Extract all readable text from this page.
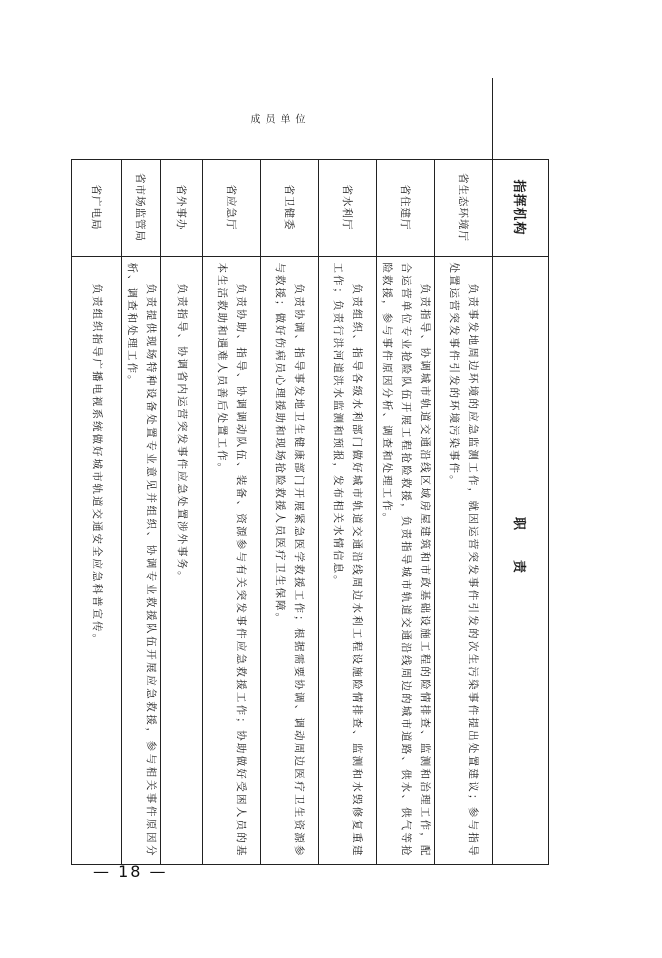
	指挥机构	职责
成员单位	省生态环境厅	负责事发地周边环境的应急监测工作，就因运营突发事件引发的次生污染事件提出处置建议；参与指导处置运营突发事件引发的环境污染事件。
	省住建厅	负责指导、协调城市轨道交通沿线区域房屋建筑和市政基础设施工程的险情排查、监测和治理工作，配合运营单位专业抢险队伍开展工程抢险救援，负责指导城市轨道交通沿线周边的城市道路、供水、供气等抢险救援，参与事件原因分析、调查和处理工作。
	省水利厅	负责组织、指导各级水利部门做好城市轨道交通沿线周边水利工程设施险情排查、监测和水毁修复重建工作；负责行洪河道洪水监测和预报，发布相关水情信息。
	省卫健委	负责协调、指导事发地卫生健康部门开展紧急医学救援工作；根据需要协调、调动周边医疗卫生资源参与救援；做好伤病员心理援助和现场抢险救援人员医疗卫生保障。
	省应急厅	负责协助、指导、协调调动队伍、装备、资源参与有关突发事件应急救援工作；协助做好受困人员的基本生活救助和遇难人员善后处置工作。
	省外事办	负责指导、协调省内运营突发事件应急处置涉外事务。
	省市场监管局	负责提供现场特种设备处置专业意见并组织、协调专业救援队伍开展应急救援，参与相关事件原因分析、调查和处理工作。
	省广电局	负责组织指导广播电视系统做好城市轨道交通安全应急科普宣传。
— 18 —
